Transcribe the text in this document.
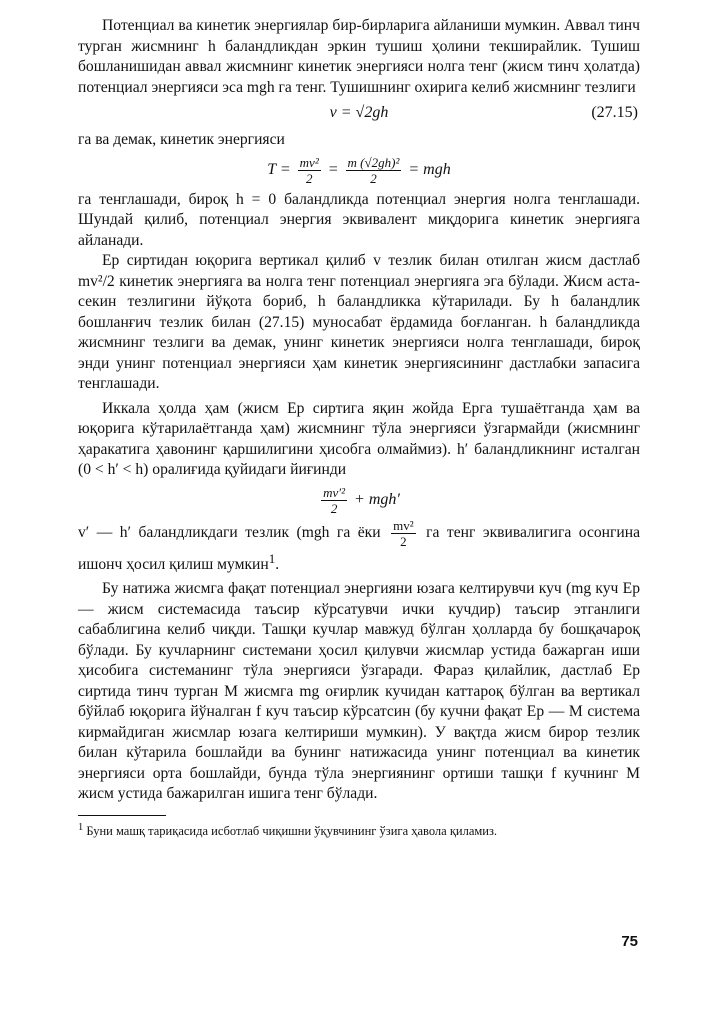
Потенциал ва кинетик энергиялар бир-бирларига айланиши мумкин. Аввал тинч турган жисмнинг h баландликдан эркин тушиш ҳолини текширайлик. Тушиш бошланишидан аввал жисмнинг кинетик энергияси нолга тенг (жисм тинч ҳолатда) потенциал энергияси эса mgh га тенг. Тушишнинг охирига келиб жисмнинг тезлиги

v = √2gh	(27.15)

га ва демак, кинетик энергияси

$T = \frac{\text{mv²}}{2} = \frac{\text{m (√2gh)²}}{2}$ = mgh

га тенглашади, бироқ h = 0 баландликда потенциал энергия нолга тенглашади. Шундай қилиб, потенциал энергия эквивалент миқдорига кинетик энергияга айланади.

Ер сиртидан юқорига вертикал қилиб v тезлик билан отилган жисм дастлаб mv²/2 кинетик энергияга ва нолга тенг потенциал энергияга эга бўлади. Жисм аста-секин тезлигини йўқота бориб, h баландликка кўтарилади. Бу h баландлик бошланғич тезлик билан (27.15) муносабат ёрдамида боғланган. h баландликда жисмнинг тезлиги ва демак, унинг кинетик энергияси нолга тенглашади, бироқ энди унинг потенциал энергияси ҳам кинетик энергиясининг дастлабки запасига тенглашади.

Иккала ҳолда ҳам (жисм Ер сиртига яқин жойда Ерга тушаётганда ҳам ва юқорига кўтарилаётганда ҳам) жисмнинг тўла энергияси ўзгармайди (жисмнинг ҳаракатига ҳавонинг қаршилигини ҳисобга олмаймиз). h′ баландликнинг исталган (0 < h′ < h) оралиғида қуйидаги йиғинди

$\frac{\text{mv′²}}{2} + mgh'$

v′ — h′ баландликдаги тезлик (mgh га ёки $\frac{\text{mv²}}{2}$ га тенг эквивалигига осонгина ишонч ҳосил қилиш мумкин$^1$.

Бу натижа жисмга фақат потенциал энергияни юзага келтирувчи куч (mg куч Ер — жисм системасида таъсир кўрсатувчи ички кучдир) таъсир этганлиги сабаблигина келиб чиқди. Ташқи кучлар мавжуд бўлган ҳолларда бу бошқачароқ бўлади. Бу кучларнинг системани ҳосил қилувчи жисмлар устида бажарган иши ҳисобига системанинг тўла энергияси ўзгаради. Фараз қилайлик, дастлаб Ер сиртида тинч турган M жисмга mg оғирлик кучидан каттароқ бўлган ва вертикал бўйлаб юқорига йўналган f куч таъсир кўрсатсин (бу кучни фақат Ер — M система кирмайдиган жисмлар юзага келтириши мумкин). У вақтда жисм бирор тезлик билан кўтарила бошлайди ва бунинг натижасида унинг потенциал ва кинетик энергияси орта бошлайди, бунда тўла энергиянинг ортиши ташқи f кучнинг M жисм устида бажарилган ишига тенг бўлади.

$^1$ Буни машқ тариқасида исботлаб чиқишни ўқувчининг ўзига ҳавола қиламиз.

75
